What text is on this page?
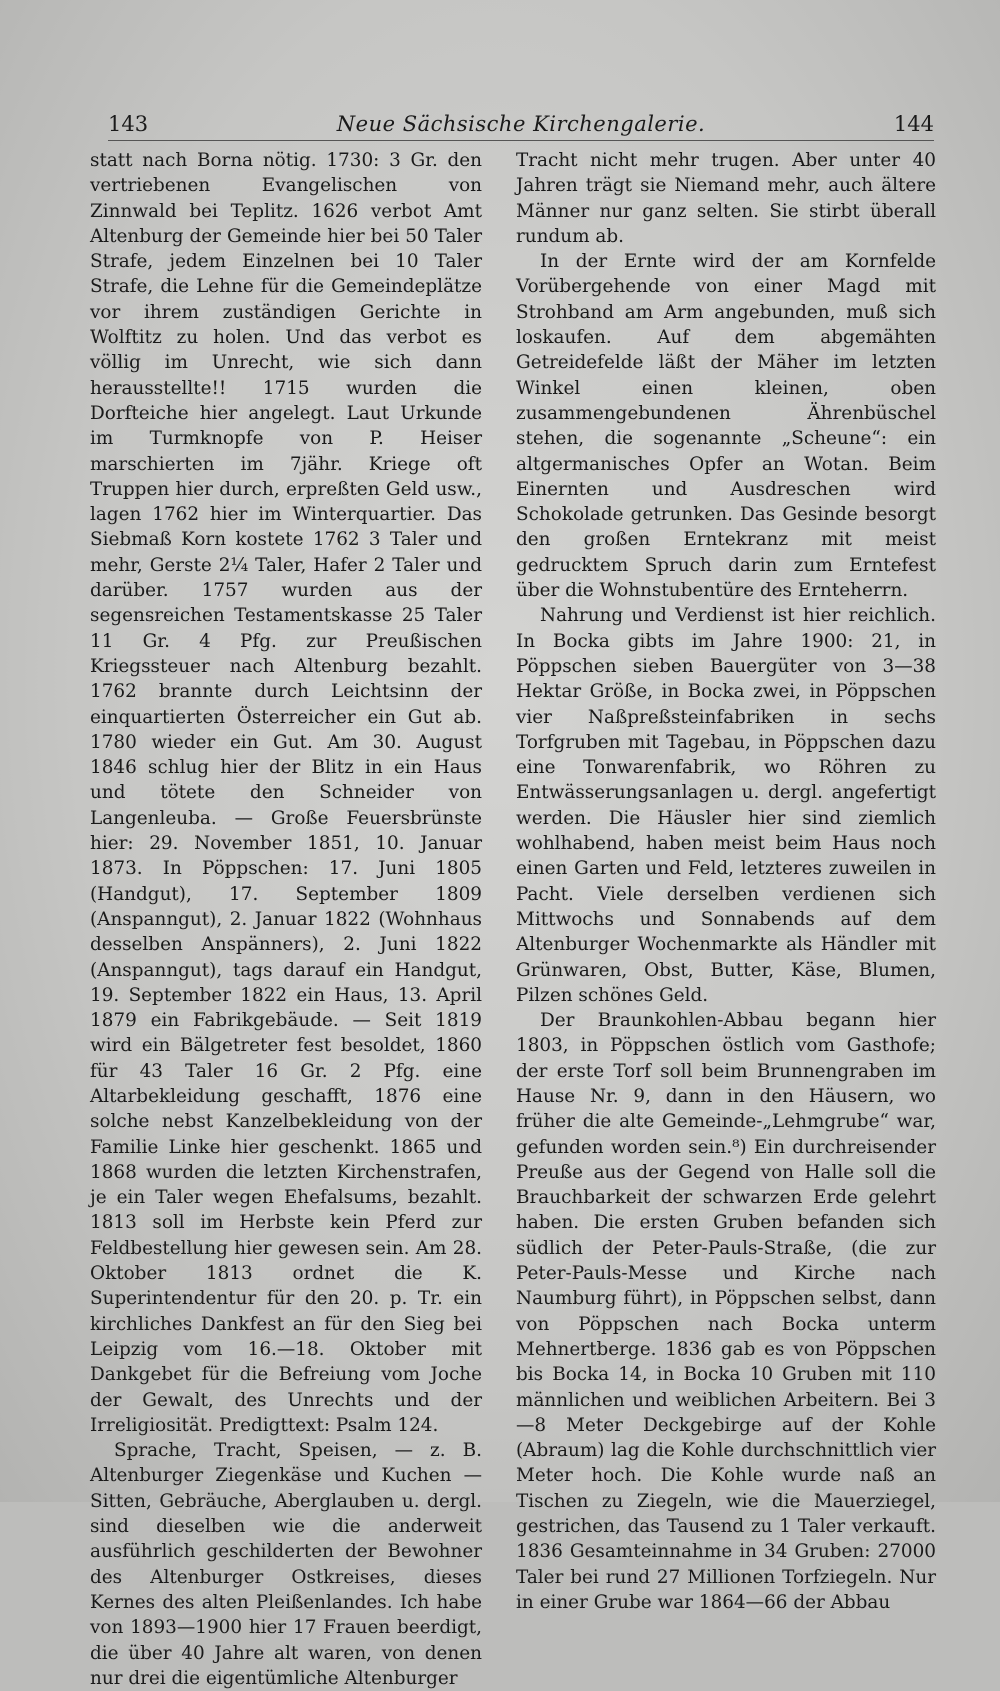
143	Neue Sächsische Kirchengalerie.	144

statt nach Borna nötig. 1730: 3 Gr. den vertriebenen Evangelischen von Zinnwald bei Teplitz. 1626 verbot Amt Altenburg der Gemeinde hier bei 50 Taler Strafe, jedem Einzelnen bei 10 Taler Strafe, die Lehne für die Gemeindeplätze vor ihrem zuständigen Gerichte in Wolftitz zu holen. Und das verbot es völlig im Unrecht, wie sich dann herausstellte!! 1715 wurden die Dorfteiche hier angelegt. Laut Urkunde im Turmknopfe von P. Heiser marschierten im 7jähr. Kriege oft Truppen hier durch, erpreßten Geld usw., lagen 1762 hier im Winterquartier. Das Siebmaß Korn kostete 1762 3 Taler und mehr, Gerste 2¼ Taler, Hafer 2 Taler und darüber. 1757 wurden aus der segensreichen Testamentskasse 25 Taler 11 Gr. 4 Pfg. zur Preußischen Kriegssteuer nach Altenburg bezahlt. 1762 brannte durch Leichtsinn der einquartierten Österreicher ein Gut ab. 1780 wieder ein Gut. Am 30. August 1846 schlug hier der Blitz in ein Haus und tötete den Schneider von Langenleuba. — Große Feuersbrünste hier: 29. November 1851, 10. Januar 1873. In Pöppschen: 17. Juni 1805 (Handgut), 17. September 1809 (Anspanngut), 2. Januar 1822 (Wohnhaus desselben Anspänners), 2. Juni 1822 (Anspanngut), tags darauf ein Handgut, 19. September 1822 ein Haus, 13. April 1879 ein Fabrikgebäude. — Seit 1819 wird ein Bälgetreter fest besoldet, 1860 für 43 Taler 16 Gr. 2 Pfg. eine Altarbekleidung geschafft, 1876 eine solche nebst Kanzelbekleidung von der Familie Linke hier geschenkt. 1865 und 1868 wurden die letzten Kirchenstrafen, je ein Taler wegen Ehefalsums, bezahlt. 1813 soll im Herbste kein Pferd zur Feldbestellung hier gewesen sein. Am 28. Oktober 1813 ordnet die K. Superintendentur für den 20. p. Tr. ein kirchliches Dankfest an für den Sieg bei Leipzig vom 16.—18. Oktober mit Dankgebet für die Befreiung vom Joche der Gewalt, des Unrechts und der Irreligiosität. Predigttext: Psalm 124.

Sprache, Tracht, Speisen, — z. B. Altenburger Ziegenkäse und Kuchen — Sitten, Gebräuche, Aberglauben u. dergl. sind dieselben wie die anderweit ausführlich geschilderten der Bewohner des Altenburger Ostkreises, dieses Kernes des alten Pleißenlandes. Ich habe von 1893—1900 hier 17 Frauen beerdigt, die über 40 Jahre alt waren, von denen nur drei die eigentümliche Altenburger

Tracht nicht mehr trugen. Aber unter 40 Jahren trägt sie Niemand mehr, auch ältere Männer nur ganz selten. Sie stirbt überall rundum ab.

In der Ernte wird der am Kornfelde Vorübergehende von einer Magd mit Strohband am Arm angebunden, muß sich loskaufen. Auf dem abgemähten Getreidefelde läßt der Mäher im letzten Winkel einen kleinen, oben zusammengebundenen Ährenbüschel stehen, die sogenannte „Scheune“: ein altgermanisches Opfer an Wotan. Beim Einernten und Ausdreschen wird Schokolade getrunken. Das Gesinde besorgt den großen Erntekranz mit meist gedrucktem Spruch darin zum Erntefest über die Wohnstubentüre des Ernteherrn.

Nahrung und Verdienst ist hier reichlich. In Bocka gibts im Jahre 1900: 21, in Pöppschen sieben Bauergüter von 3—38 Hektar Größe, in Bocka zwei, in Pöppschen vier Naßpreßsteinfabriken in sechs Torfgruben mit Tagebau, in Pöppschen dazu eine Tonwarenfabrik, wo Röhren zu Entwässerungsanlagen u. dergl. angefertigt werden. Die Häusler hier sind ziemlich wohlhabend, haben meist beim Haus noch einen Garten und Feld, letzteres zuweilen in Pacht. Viele derselben verdienen sich Mittwochs und Sonnabends auf dem Altenburger Wochenmarkte als Händler mit Grünwaren, Obst, Butter, Käse, Blumen, Pilzen schönes Geld.

Der Braunkohlen-Abbau begann hier 1803, in Pöppschen östlich vom Gasthofe; der erste Torf soll beim Brunnengraben im Hause Nr. 9, dann in den Häusern, wo früher die alte Gemeinde-„Lehmgrube“ war, gefunden worden sein.⁸) Ein durchreisender Preuße aus der Gegend von Halle soll die Brauchbarkeit der schwarzen Erde gelehrt haben. Die ersten Gruben befanden sich südlich der Peter-Pauls-Straße, (die zur Peter-Pauls-Messe und Kirche nach Naumburg führt), in Pöppschen selbst, dann von Pöppschen nach Bocka unterm Mehnertberge. 1836 gab es von Pöppschen bis Bocka 14, in Bocka 10 Gruben mit 110 männlichen und weiblichen Arbeitern. Bei 3—8 Meter Deckgebirge auf der Kohle (Abraum) lag die Kohle durchschnittlich vier Meter hoch. Die Kohle wurde naß an Tischen zu Ziegeln, wie die Mauerziegel, gestrichen, das Tausend zu 1 Taler verkauft. 1836 Gesamteinnahme in 34 Gruben: 27000 Taler bei rund 27 Millionen Torfziegeln. Nur in einer Grube war 1864—66 der Abbau
